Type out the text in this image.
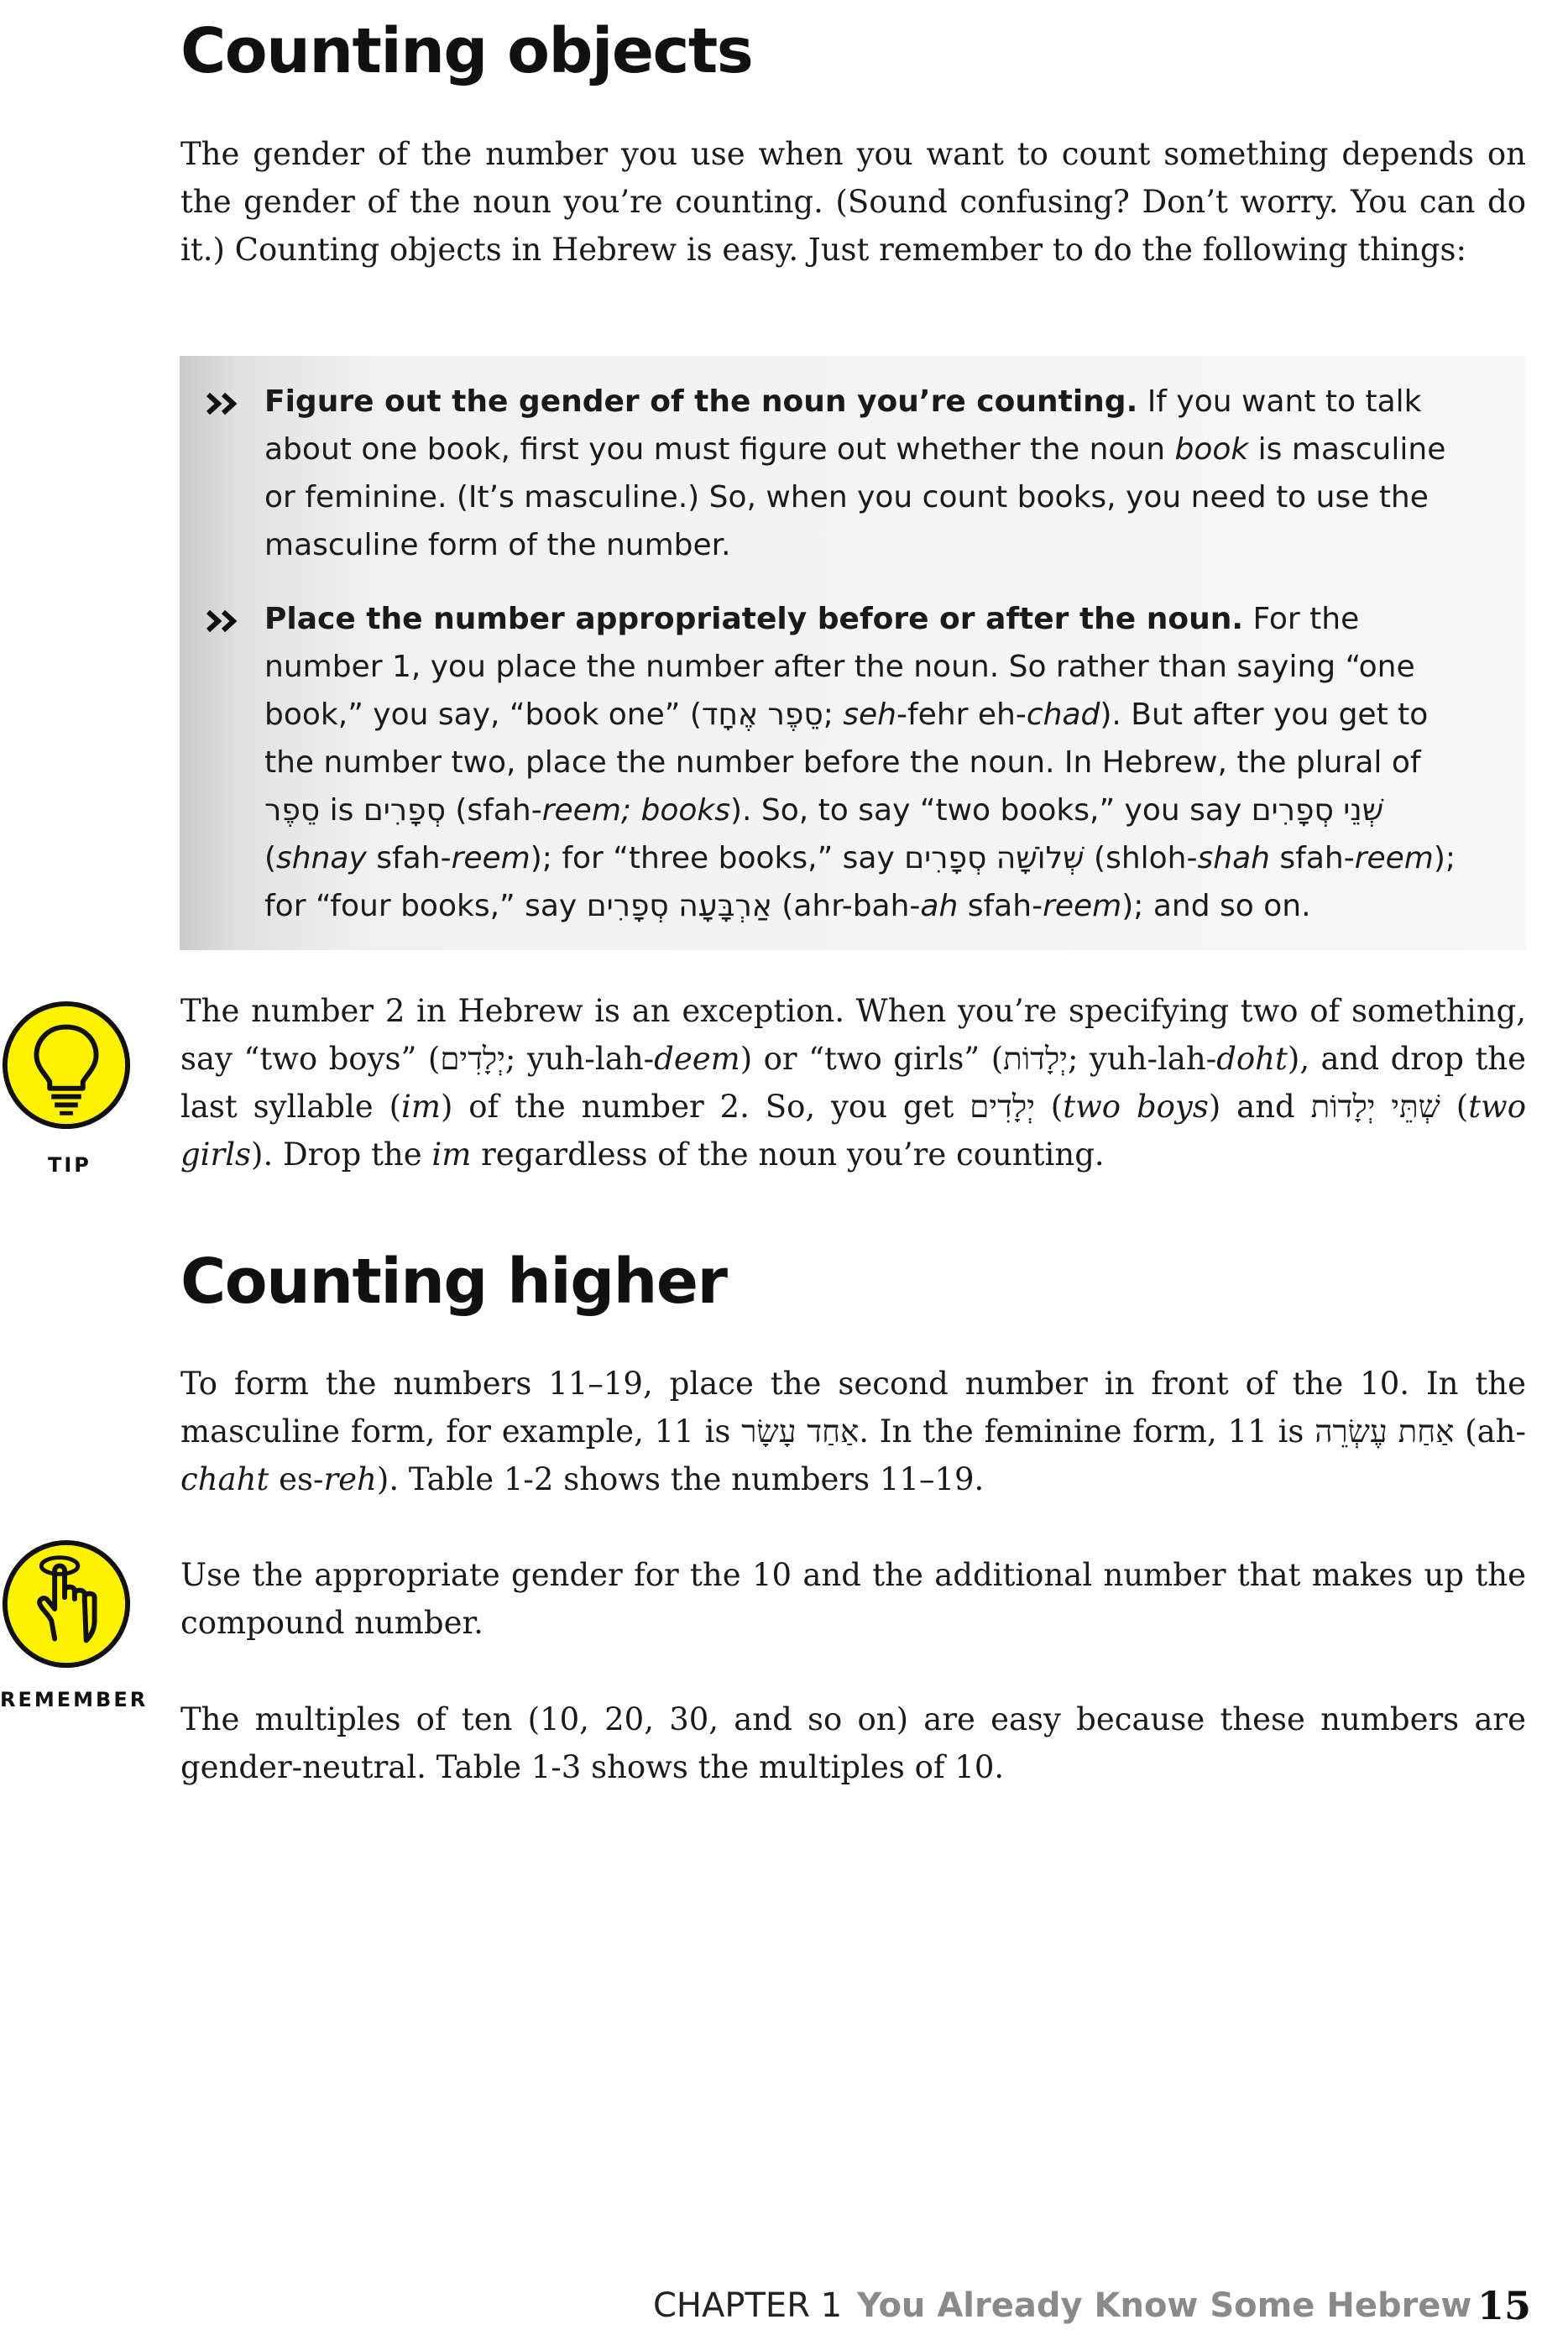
Counting objects

The gender of the number you use when you want to count something depends on the gender of the noun you’re counting. (Sound confusing? Don’t worry. You can do it.) Counting objects in Hebrew is easy. Just remember to do the following things:

Figure out the gender of the noun you’re counting. If you want to talk about one book, first you must figure out whether the noun book is masculine or feminine. (It’s masculine.) So, when you count books, you need to use the masculine form of the number.

Place the number appropriately before or after the noun. For the number 1, you place the number after the noun. So rather than saying “one book,” you say, “book one” (סֵפֶר אֶחָד; seh-fehr eh-chad). But after you get to the number two, place the number before the noun. In Hebrew, the plural of סֵפֶר is סְפָרִים (sfah-reem; books). So, to say “two books,” you say שְׁנֵי סְפָרִים (shnay sfah-reem); for “three books,” say שְׁלוֹשָׁה סְפָרִים (shloh-shah sfah-reem); for “four books,” say אַרְבָּעָה סְפָרִים (ahr-bah-ah sfah-reem); and so on.

TIP

The number 2 in Hebrew is an exception. When you’re specifying two of something, say “two boys” (יְלָדִים; yuh-lah-deem) or “two girls” (יְלָדוֹת; yuh-lah-doht), and drop the last syllable (im) of the number 2. So, you get יְלָדִים (two boys) and שְׁתֵּי יְלָדוֹת (two girls). Drop the im regardless of the noun you’re counting.

Counting higher

To form the numbers 11–19, place the second number in front of the 10. In the masculine form, for example, 11 is אַחַד עָשָׂר. In the feminine form, 11 is אַחַת עֶשְׂרֵה (ah-chaht es-reh). Table 1-2 shows the numbers 11–19.

REMEMBER

Use the appropriate gender for the 10 and the additional number that makes up the compound number.

The multiples of ten (10, 20, 30, and so on) are easy because these numbers are gender-neutral. Table 1-3 shows the multiples of 10.

CHAPTER 1 You Already Know Some Hebrew 15
